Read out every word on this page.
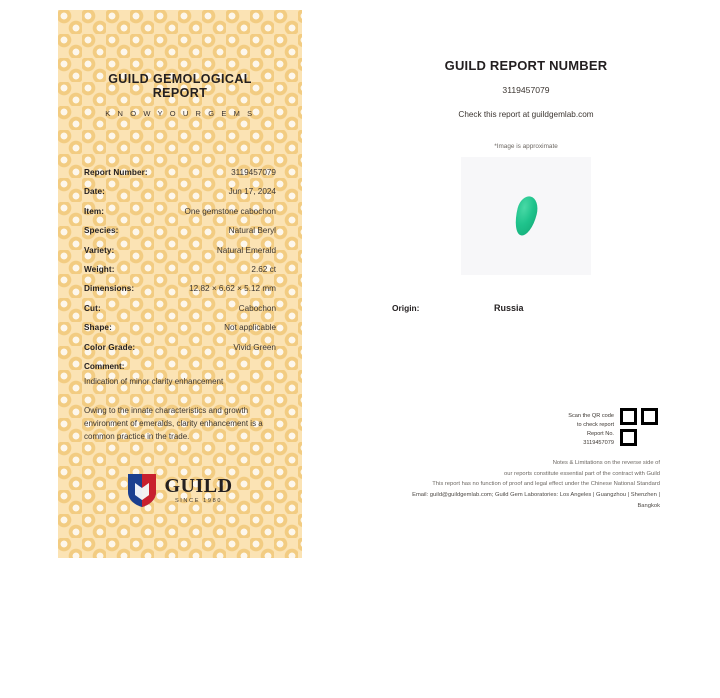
GUILD GEMOLOGICAL REPORT
K N O W Y O U R G E M S
Report Number:	3119457079
Date:	Jun 17, 2024
Item:	One gemstone cabochon
Species:	Natural Beryl
Variety:	Natural Emerald
Weight:	2.62 ct
Dimensions:	12.82 × 6.62 × 5.12 mm
Cut:	Cabochon
Shape:	Not applicable
Color Grade:	Vivid Green
Comment:
Indication of minor clarity enhancement
Owing to the innate characteristics and growth environment of emeralds, clarity enhancement is a common practice in the trade.
GUILD
SINCE 1980
GUILD REPORT NUMBER
3119457079
Check this report at guildgemlab.com
*Image is approximate
Origin:	Russia
Scan the QR code
to check report
Report No. 3119457079
Notes & Limitations on the reverse side of
our reports constitute essential part of the contract with Guild
This report has no function of proof and legal effect under the Chinese National Standard
Email: guild@guildgemlab.com; Guild Gem Laboratories: Los Angeles | Guangzhou | Shenzhen | Bangkok
